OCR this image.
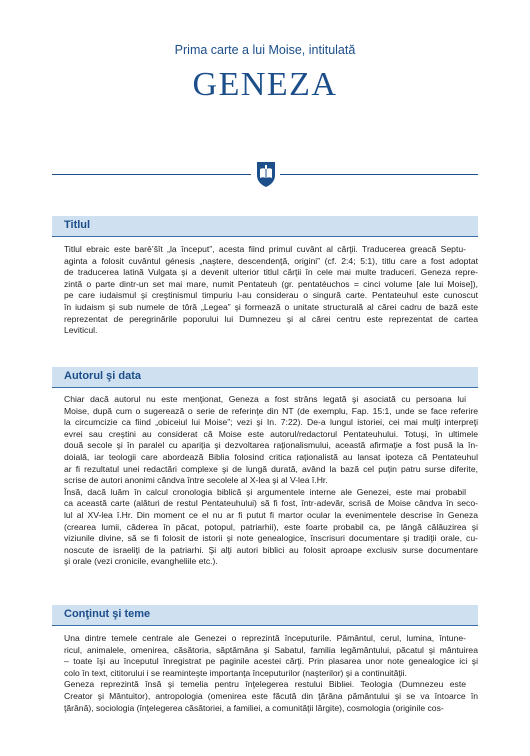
Prima carte a lui Moise, intitulată
GENEZA
Titlul

Titlul ebraic este barē’šît „la început”, acesta fiind primul cuvânt al cărţii. Traducerea greacă Septu-
aginta a folosit cuvântul génesis „naştere, descendenţă, origini” (cf. 2:4; 5:1), titlu care a fost adoptat
de traducerea latină Vulgata şi a devenit ulterior titlul cărţii în cele mai multe traduceri. Geneza repre-
zintă o parte dintr-un set mai mare, numit Pentateuh (gr. pentatéuchos = cinci volume [ale lui Moise]),
pe care iudaismul şi creştinismul timpuriu l-au considerau o singură carte. Pentateuhul este cunoscut
în iudaism şi sub numele de tôrâ „Legea” şi formează o unitate structurală al cărei cadru de bază este
reprezentat de peregrinările poporului lui Dumnezeu şi al cărei centru este reprezentat de cartea
Leviticul.

Autorul şi data

Chiar dacă autorul nu este menţionat, Geneza a fost strâns legată şi asociată cu persoana lui
Moise, după cum o sugerează o serie de referinţe din NT (de exemplu, Fap. 15:1, unde se face referire
la circumcizie ca fiind „obiceiul lui Moise”; vezi şi In. 7:22). De-a lungul istoriei, cei mai mulţi interpreţi
evrei sau creştini au considerat că Moise este autorul/redactorul Pentateuhului. Totuşi, în ultimele
două secole şi în paralel cu apariţia şi dezvoltarea raţionalismului, această afirmaţie a fost pusă la în-
doială, iar teologii care abordează Biblia folosind critica raţionalistă au lansat ipoteza că Pentateuhul
ar fi rezultatul unei redactări complexe şi de lungă durată, având la bază cel puţin patru surse diferite,
scrise de autori anonimi cândva între secolele al X-lea şi al V-lea î.Hr.

Însă, dacă luăm în calcul cronologia biblică şi argumentele interne ale Genezei, este mai probabil
ca această carte (alături de restul Pentateuhului) să fi fost, într-adevăr, scrisă de Moise cândva în seco-
lul al XV-lea î.Hr. Din moment ce el nu ar fi putut fi martor ocular la evenimentele descrise în Geneza
(crearea lumii, căderea în păcat, potopul, patriarhii), este foarte probabil ca, pe lângă călăuzirea şi
viziunile divine, să se fi folosit de istorii şi note genealogice, înscrisuri documentare şi tradiţii orale, cu-
noscute de israeliţi de la patriarhi. Şi alţi autori biblici au folosit aproape exclusiv surse documentare
şi orale (vezi cronicile, evangheliile etc.).

Conţinut şi teme

Una dintre temele centrale ale Genezei o reprezintă începuturile. Pământul, cerul, lumina, întune-
ricul, animalele, omenirea, căsătoria, săptămâna şi Sabatul, familia legământului, păcatul şi mântuirea
– toate îşi au începutul înregistrat pe paginile acestei cărţi. Prin plasarea unor note genealogice ici şi
colo în text, cititorului i se reaminteşte importanţa începuturilor (naşterilor) şi a continuităţii.

Geneza reprezintă însă şi temelia pentru înţelegerea restului Bibliei. Teologia (Dumnezeu este
Creator şi Mântuitor), antropologia (omenirea este făcută din ţărâna pământului şi se va întoarce în
ţărână), sociologia (înţelegerea căsătoriei, a familiei, a comunităţii lărgite), cosmologia (originile cos-
